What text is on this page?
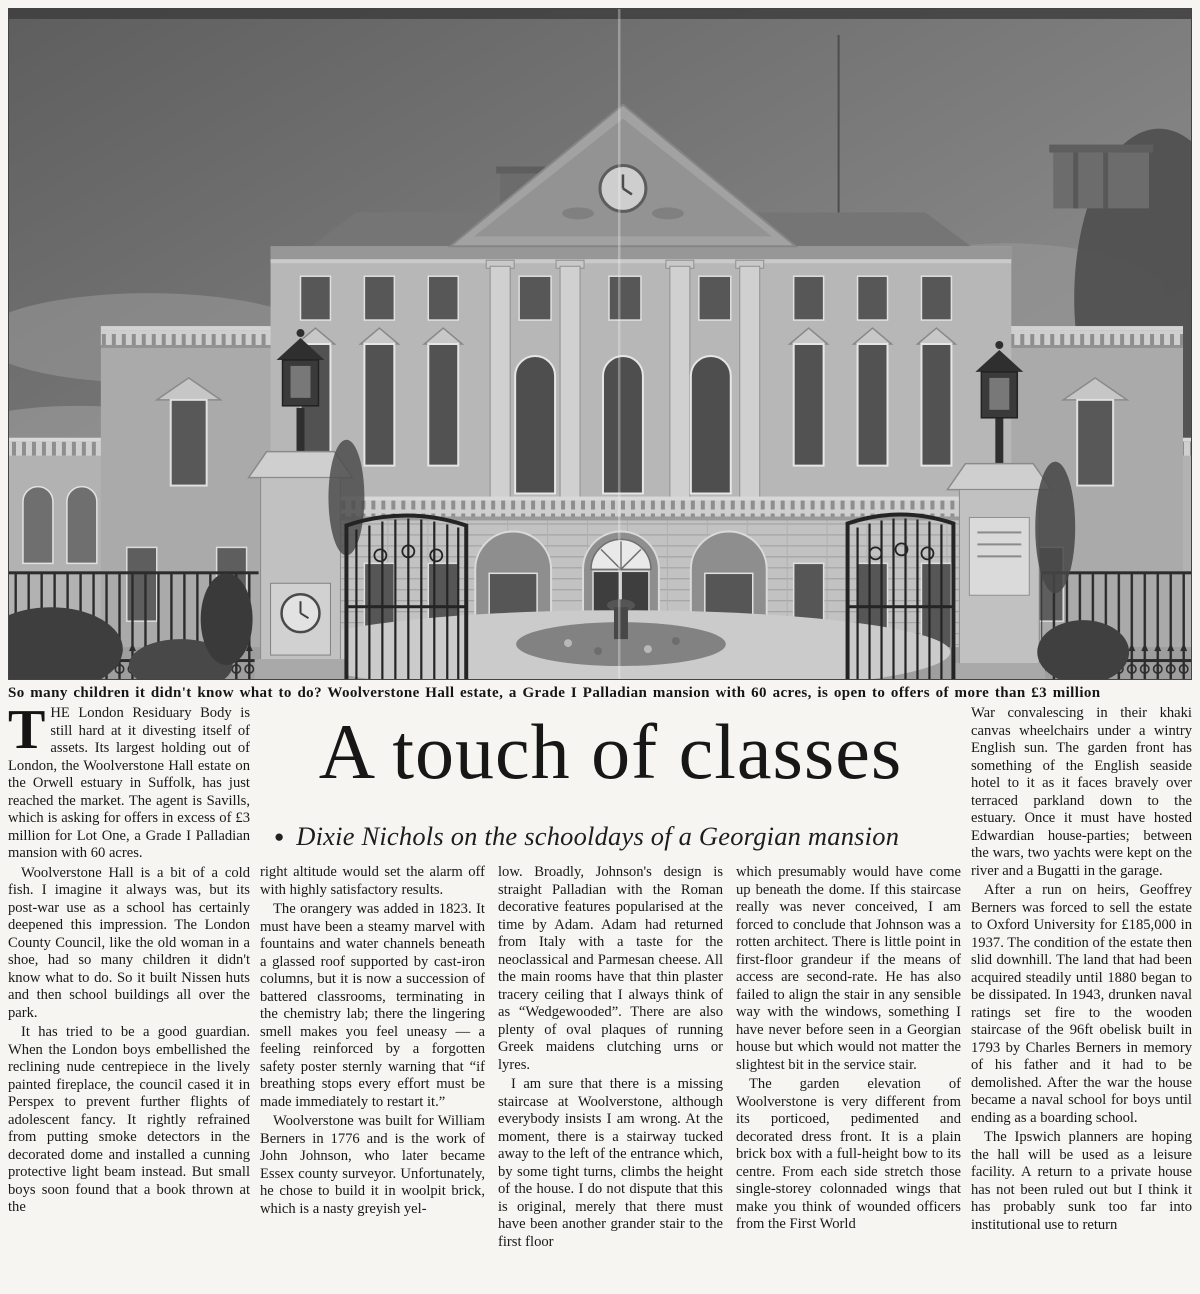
So many children it didn't know what to do? Woolverstone Hall estate, a Grade I Palladian mansion with 60 acres, is open to offers of more than £3 million

THE London Residuary Body is still hard at it divesting itself of assets. Its largest holding out of London, the Woolverstone Hall estate on the Orwell estuary in Suffolk, has just reached the market. The agent is Savills, which is asking for offers in excess of £3 million for Lot One, a Grade I Palladian mansion with 60 acres.

Woolverstone Hall is a bit of a cold fish. I imagine it always was, but its post-war use as a school has certainly deepened this impression. The London County Council, like the old woman in a shoe, had so many children it didn't know what to do. So it built Nissen huts and then school buildings all over the park.

It has tried to be a good guardian. When the London boys embellished the reclining nude centrepiece in the lively painted fireplace, the council cased it in Perspex to prevent further flights of adolescent fancy. It rightly refrained from putting smoke detectors in the decorated dome and installed a cunning protective light beam instead. But small boys soon found that a book thrown at the

A touch of classes
● Dixie Nichols on the schooldays of a Georgian mansion

right altitude would set the alarm off with highly satisfactory results.

The orangery was added in 1823. It must have been a steamy marvel with fountains and water channels beneath a glassed roof supported by cast-iron columns, but it is now a succession of battered classrooms, terminating in the chemistry lab; there the lingering smell makes you feel uneasy — a feeling reinforced by a forgotten safety poster sternly warning that “if breathing stops every effort must be made immediately to restart it.”

Woolverstone was built for William Berners in 1776 and is the work of John Johnson, who later became Essex county surveyor. Unfortunately, he chose to build it in woolpit brick, which is a nasty greyish yel-

low. Broadly, Johnson's design is straight Palladian with the Roman decorative features popularised at the time by Adam. Adam had returned from Italy with a taste for the neoclassical and Parmesan cheese. All the main rooms have that thin plaster tracery ceiling that I always think of as “Wedgewooded”. There are also plenty of oval plaques of running Greek maidens clutching urns or lyres.

I am sure that there is a missing staircase at Woolverstone, although everybody insists I am wrong. At the moment, there is a stairway tucked away to the left of the entrance which, by some tight turns, climbs the height of the house. I do not dispute that this is original, merely that there must have been another grander stair to the first floor

which presumably would have come up beneath the dome. If this staircase really was never conceived, I am forced to conclude that Johnson was a rotten architect. There is little point in first-floor grandeur if the means of access are second-rate. He has also failed to align the stair in any sensible way with the windows, something I have never before seen in a Georgian house but which would not matter the slightest bit in the service stair.

The garden elevation of Woolverstone is very different from its porticoed, pedimented and decorated dress front. It is a plain brick box with a full-height bow to its centre. From each side stretch those single-storey colonnaded wings that make you think of wounded officers from the First World

War convalescing in their khaki canvas wheelchairs under a wintry English sun. The garden front has something of the English seaside hotel to it as it faces bravely over terraced parkland down to the estuary. Once it must have hosted Edwardian house-parties; between the wars, two yachts were kept on the river and a Bugatti in the garage.

After a run on heirs, Geoffrey Berners was forced to sell the estate to Oxford University for £185,000 in 1937. The condition of the estate then slid downhill. The land that had been acquired steadily until 1880 began to be dissipated. In 1943, drunken naval ratings set fire to the wooden staircase of the 96ft obelisk built in 1793 by Charles Berners in memory of his father and it had to be demolished. After the war the house became a naval school for boys until ending as a boarding school.

The Ipswich planners are hoping the hall will be used as a leisure facility. A return to a private house has not been ruled out but I think it has probably sunk too far into institutional use to return
